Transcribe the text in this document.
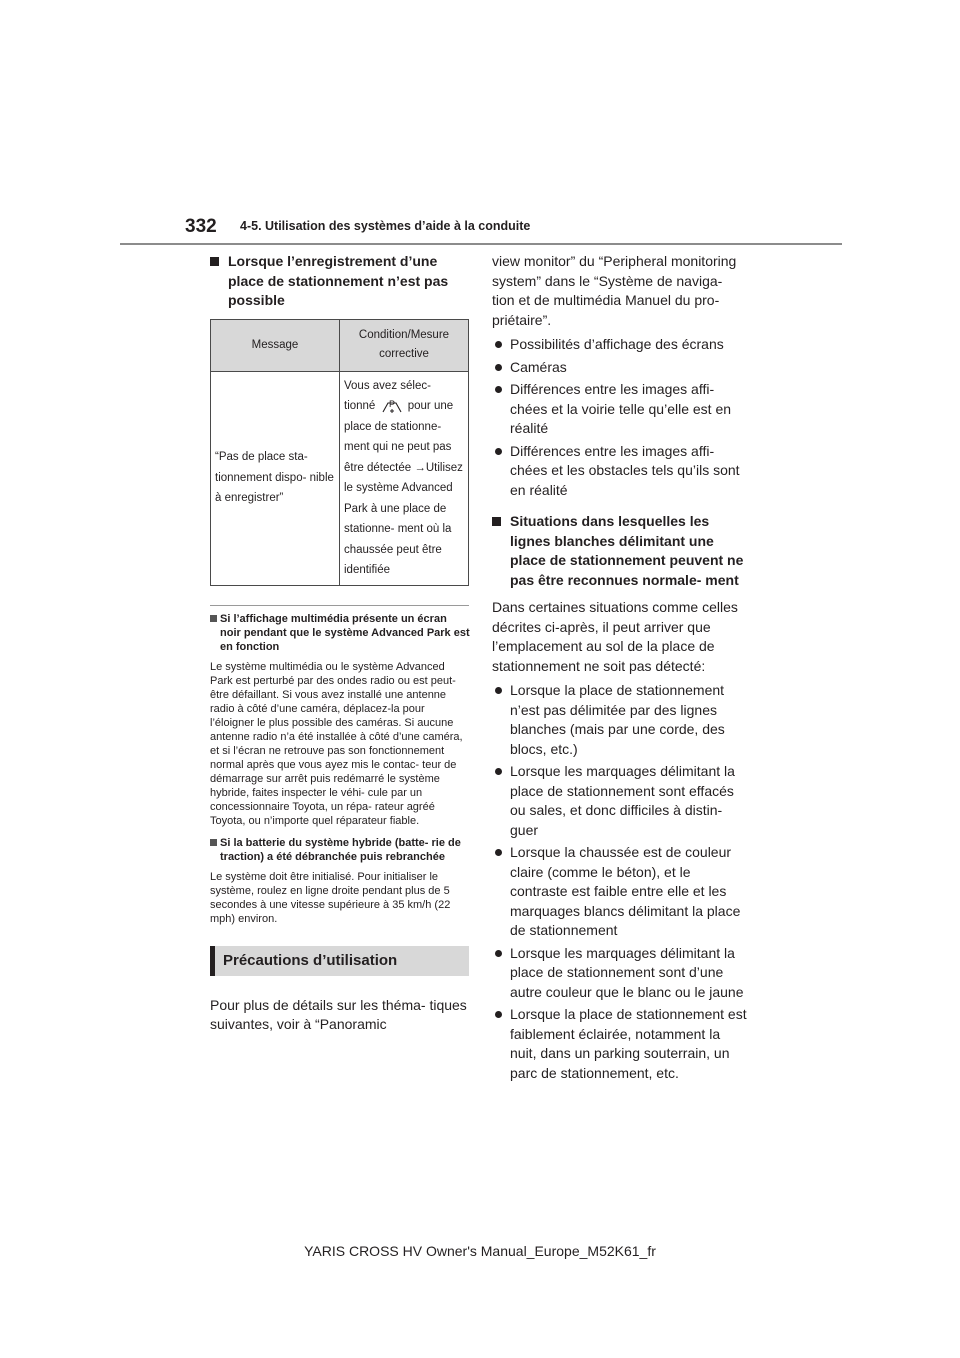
332 4-5. Utilisation des systèmes d’aide à la conduite
Lorsque l’enregistrement d’une place de stationnement n’est pas possible
Message	Condition/Mesure
corrective
“Pas de place sta- tionnement dispo- nible à enregistrer”	Vous avez sélec- tionné P pour une place de stationne- ment qui ne peut pas être détectée →Utilisez le système Advanced Park à une place de stationne- ment où la chaussée peut être identifiée
Si l’affichage multimédia présente un écran noir pendant que le système Advanced Park est en fonction

Le système multimédia ou le système Advanced Park est perturbé par des ondes radio ou est peut-être défaillant. Si vous avez installé une antenne radio à côté d’une caméra, déplacez-la pour l’éloigner le plus possible des caméras. Si aucune antenne radio n’a été installée à côté d’une caméra, et si l’écran ne retrouve pas son fonctionnement normal après que vous ayez mis le contac- teur de démarrage sur arrêt puis redémarré le système hybride, faites inspecter le véhi- cule par un concessionnaire Toyota, un répa- rateur agréé Toyota, ou n’importe quel réparateur fiable.

Si la batterie du système hybride (batte- rie de traction) a été débranchée puis rebranchée

Le système doit être initialisé. Pour initialiser le système, roulez en ligne droite pendant plus de 5 secondes à une vitesse supérieure à 35 km/h (22 mph) environ.

Précautions d’utilisation

Pour plus de détails sur les théma- tiques suivantes, voir à “Panoramic

view monitor” du “Peripheral monitoring system” dans le “Système de naviga- tion et de multimédia Manuel du pro- priétaire”.

Possibilités d’affichage des écrans
Caméras
Différences entre les images affi- chées et la voirie telle qu’elle est en réalité
Différences entre les images affi- chées et les obstacles tels qu’ils sont en réalité
Situations dans lesquelles les lignes blanches délimitant une place de stationnement peuvent ne pas être reconnues normale- ment

Dans certaines situations comme celles décrites ci-après, il peut arriver que l’emplacement au sol de la place de stationnement ne soit pas détecté:

Lorsque la place de stationnement n’est pas délimitée par des lignes blanches (mais par une corde, des blocs, etc.)
Lorsque les marquages délimitant la place de stationnement sont effacés ou sales, et donc difficiles à distin- guer
Lorsque la chaussée est de couleur claire (comme le béton), et le contraste est faible entre elle et les marquages blancs délimitant la place de stationnement
Lorsque les marquages délimitant la place de stationnement sont d’une autre couleur que le blanc ou le jaune
Lorsque la place de stationnement est faiblement éclairée, notamment la nuit, dans un parking souterrain, un parc de stationnement, etc.
YARIS CROSS HV Owner's Manual_Europe_M52K61_fr
